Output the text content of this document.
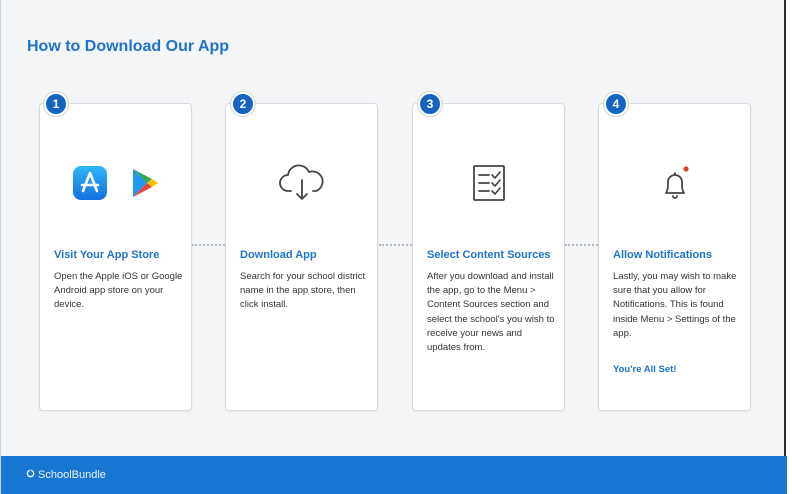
How to Download Our App
Visit Your App Store
Open the Apple iOS or Google Android app store on your device.
Download App
Search for your school district name in the app store, then click install.
Select Content Sources
After you download and install the app, go to the Menu > Content Sources section and select the school's you wish to receive your news and updates from.
Allow Notifications
Lastly, you may wish to make sure that you allow for Notifications. This is found inside Menu > Settings of the app.
You're All Set!
1	2	3	4
SchoolBundle
